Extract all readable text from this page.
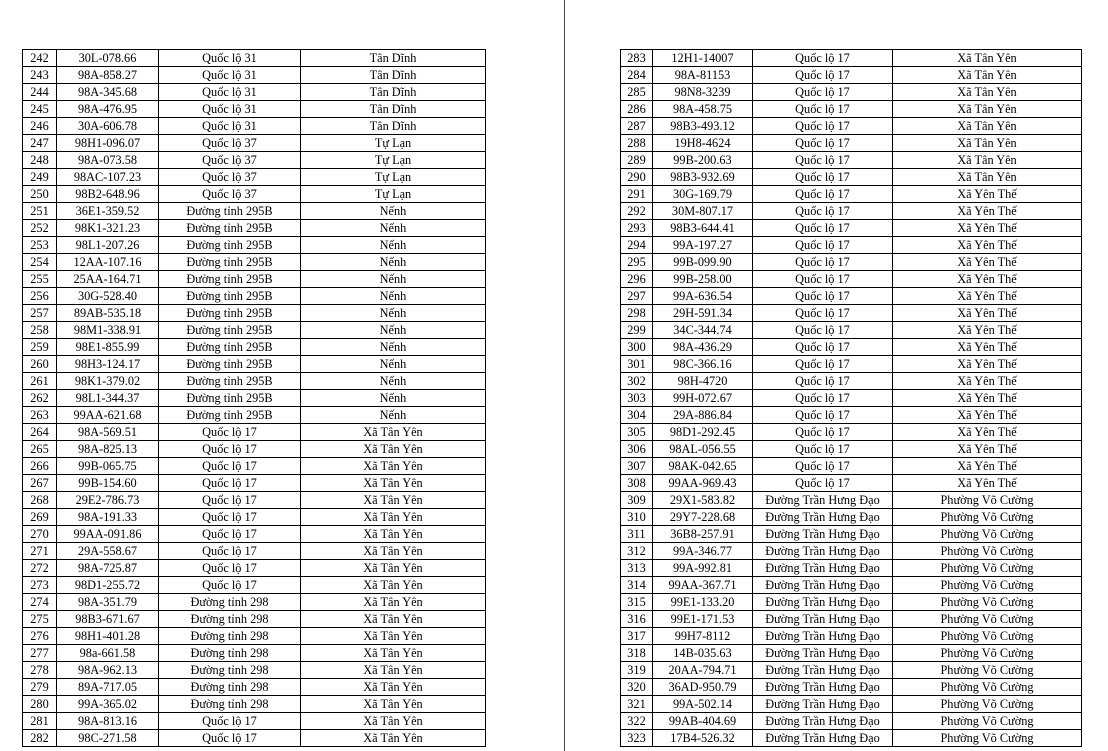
242	30L-078.66	Quốc lộ 31	Tân Dĩnh
243	98A-858.27	Quốc lộ 31	Tân Dĩnh
244	98A-345.68	Quốc lộ 31	Tân Dĩnh
245	98A-476.95	Quốc lộ 31	Tân Dĩnh
246	30A-606.78	Quốc lộ 31	Tân Dĩnh
247	98H1-096.07	Quốc lộ 37	Tự Lạn
248	98A-073.58	Quốc lộ 37	Tự Lạn
249	98AC-107.23	Quốc lộ 37	Tự Lạn
250	98B2-648.96	Quốc lộ 37	Tự Lạn
251	36E1-359.52	Đường tỉnh 295B	Nếnh
252	98K1-321.23	Đường tỉnh 295B	Nếnh
253	98L1-207.26	Đường tỉnh 295B	Nếnh
254	12AA-107.16	Đường tỉnh 295B	Nếnh
255	25AA-164.71	Đường tỉnh 295B	Nếnh
256	30G-528.40	Đường tỉnh 295B	Nếnh
257	89AB-535.18	Đường tỉnh 295B	Nếnh
258	98M1-338.91	Đường tỉnh 295B	Nếnh
259	98E1-855.99	Đường tỉnh 295B	Nếnh
260	98H3-124.17	Đường tỉnh 295B	Nếnh
261	98K1-379.02	Đường tỉnh 295B	Nếnh
262	98L1-344.37	Đường tỉnh 295B	Nếnh
263	99AA-621.68	Đường tỉnh 295B	Nếnh
264	98A-569.51	Quốc lộ 17	Xã Tân Yên
265	98A-825.13	Quốc lộ 17	Xã Tân Yên
266	99B-065.75	Quốc lộ 17	Xã Tân Yên
267	99B-154.60	Quốc lộ 17	Xã Tân Yên
268	29E2-786.73	Quốc lộ 17	Xã Tân Yên
269	98A-191.33	Quốc lộ 17	Xã Tân Yên
270	99AA-091.86	Quốc lộ 17	Xã Tân Yên
271	29A-558.67	Quốc lộ 17	Xã Tân Yên
272	98A-725.87	Quốc lộ 17	Xã Tân Yên
273	98D1-255.72	Quốc lộ 17	Xã Tân Yên
274	98A-351.79	Đường tỉnh 298	Xã Tân Yên
275	98B3-671.67	Đường tỉnh 298	Xã Tân Yên
276	98H1-401.28	Đường tỉnh 298	Xã Tân Yên
277	98a-661.58	Đường tỉnh 298	Xã Tân Yên
278	98A-962.13	Đường tỉnh 298	Xã Tân Yên
279	89A-717.05	Đường tỉnh 298	Xã Tân Yên
280	99A-365.02	Đường tỉnh 298	Xã Tân Yên
281	98A-813.16	Quốc lộ 17	Xã Tân Yên
282	98C-271.58	Quốc lộ 17	Xã Tân Yên
283	12H1-14007	Quốc lộ 17	Xã Tân Yên
284	98A-81153	Quốc lộ 17	Xã Tân Yên
285	98N8-3239	Quốc lộ 17	Xã Tân Yên
286	98A-458.75	Quốc lộ 17	Xã Tân Yên
287	98B3-493.12	Quốc lộ 17	Xã Tân Yên
288	19H8-4624	Quốc lộ 17	Xã Tân Yên
289	99B-200.63	Quốc lộ 17	Xã Tân Yên
290	98B3-932.69	Quốc lộ 17	Xã Tân Yên
291	30G-169.79	Quốc lộ 17	Xã Yên Thế
292	30M-807.17	Quốc lộ 17	Xã Yên Thế
293	98B3-644.41	Quốc lộ 17	Xã Yên Thế
294	99A-197.27	Quốc lộ 17	Xã Yên Thế
295	99B-099.90	Quốc lộ 17	Xã Yên Thế
296	99B-258.00	Quốc lộ 17	Xã Yên Thế
297	99A-636.54	Quốc lộ 17	Xã Yên Thế
298	29H-591.34	Quốc lộ 17	Xã Yên Thế
299	34C-344.74	Quốc lộ 17	Xã Yên Thế
300	98A-436.29	Quốc lộ 17	Xã Yên Thế
301	98C-366.16	Quốc lộ 17	Xã Yên Thế
302	98H-4720	Quốc lộ 17	Xã Yên Thế
303	99H-072.67	Quốc lộ 17	Xã Yên Thế
304	29A-886.84	Quốc lộ 17	Xã Yên Thế
305	98D1-292.45	Quốc lộ 17	Xã Yên Thế
306	98AL-056.55	Quốc lộ 17	Xã Yên Thế
307	98AK-042.65	Quốc lộ 17	Xã Yên Thế
308	99AA-969.43	Quốc lộ 17	Xã Yên Thế
309	29X1-583.82	Đường Trần Hưng Đạo	Phường Võ Cường
310	29Y7-228.68	Đường Trần Hưng Đạo	Phường Võ Cường
311	36B8-257.91	Đường Trần Hưng Đạo	Phường Võ Cường
312	99A-346.77	Đường Trần Hưng Đạo	Phường Võ Cường
313	99A-992.81	Đường Trần Hưng Đạo	Phường Võ Cường
314	99AA-367.71	Đường Trần Hưng Đạo	Phường Võ Cường
315	99E1-133.20	Đường Trần Hưng Đạo	Phường Võ Cường
316	99E1-171.53	Đường Trần Hưng Đạo	Phường Võ Cường
317	99H7-8112	Đường Trần Hưng Đạo	Phường Võ Cường
318	14B-035.63	Đường Trần Hưng Đạo	Phường Võ Cường
319	20AA-794.71	Đường Trần Hưng Đạo	Phường Võ Cường
320	36AD-950.79	Đường Trần Hưng Đạo	Phường Võ Cường
321	99A-502.14	Đường Trần Hưng Đạo	Phường Võ Cường
322	99AB-404.69	Đường Trần Hưng Đạo	Phường Võ Cường
323	17B4-526.32	Đường Trần Hưng Đạo	Phường Võ Cường
